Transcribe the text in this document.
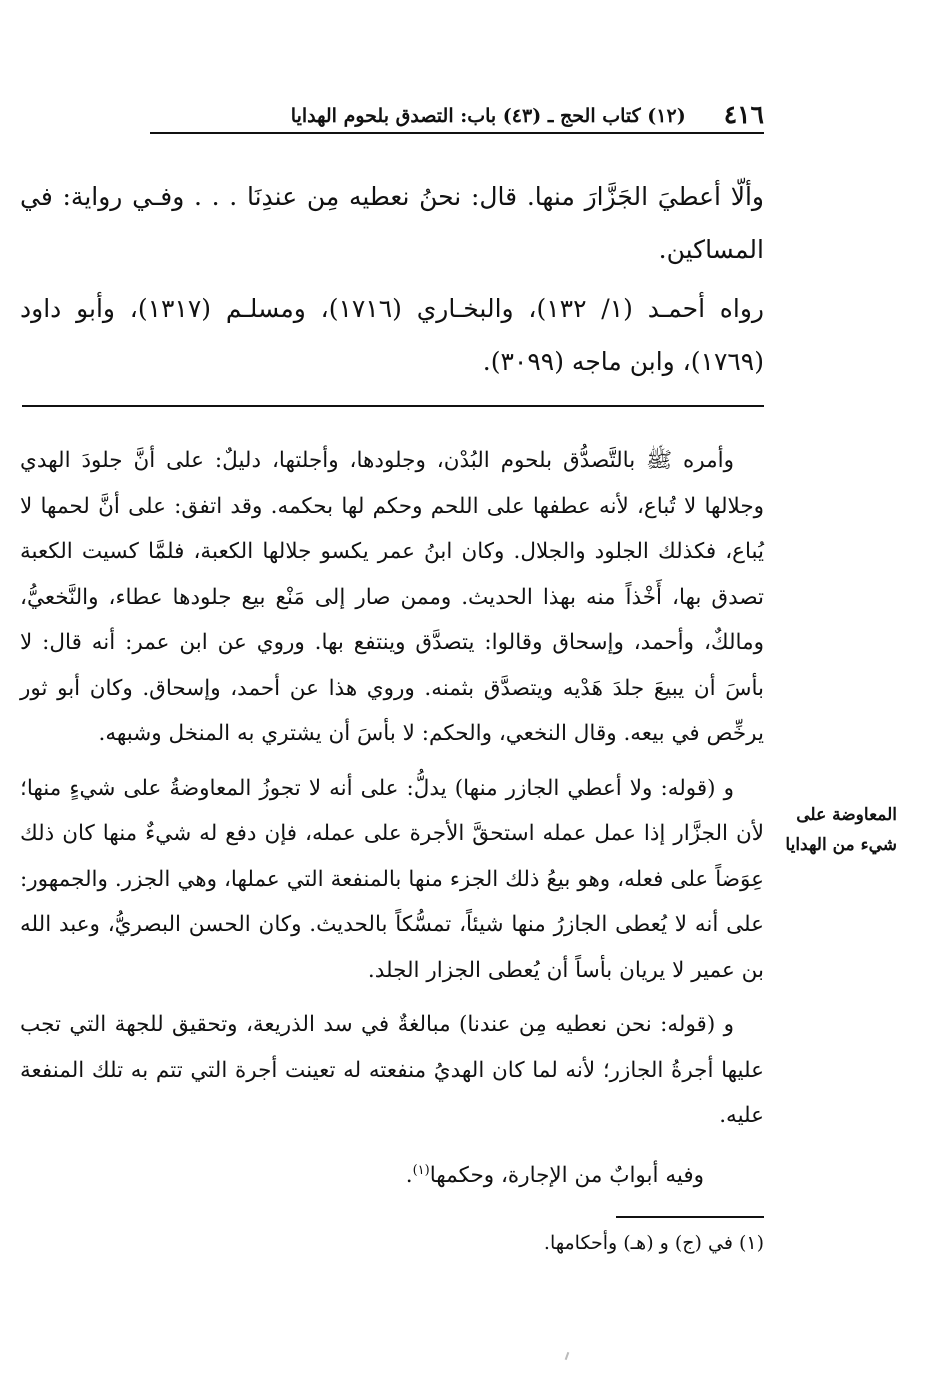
٤١٦
(١٢) كتاب الحج ـ (٤٣) باب: التصدق بلحوم الهدايا

وألّا أعطيَ الجَزَّارَ منها. قال: نحنُ نعطيه مِن عندِنَا . . . وفـي رواية: في المساكين.

رواه أحمـد (١/ ١٣٢)، والبخـاري (١٧١٦)، ومسلـم (١٣١٧)، وأبو داود (١٧٦٩)، وابن ماجه (٣٠٩٩).

وأمره ﷺ بالتَّصدُّق بلحوم البُدْن، وجلودها، وأجلتها، دليلٌ: على أنَّ جلودَ الهدي وجلالها لا تُباع، لأنه عطفها على اللحم وحكم لها بحكمه. وقد اتفق: على أنَّ لحمها لا يُباع، فكذلك الجلود والجلال. وكان ابنُ عمر يكسو جلالها الكعبة، فلمَّا كسيت الكعبة تصدق بها، أَخْذاً منه بهذا الحديث. وممن صار إلى مَنْع بيع جلودها عطاء، والنَّخعيُّ، ومالكٌ، وأحمد، وإسحاق وقالوا: يتصدَّق وينتفع بها. وروي عن ابن عمر: أنه قال: لا بأسَ أن يبيعَ جلدَ هَدْيه ويتصدَّق بثمنه. وروي هذا عن أحمد، وإسحاق. وكان أبو ثور يرخِّص في بيعه. وقال النخعي، والحكم: لا بأسَ أن يشتري به المنخل وشبهه.

و (قوله: ولا أعطي الجازر منها) يدلُّ: على أنه لا تجوزُ المعاوضةُ على شيءٍ منها؛ لأن الجزَّار إذا عمل عمله استحقَّ الأجرة على عمله، فإن دفع له شيءٌ منها كان ذلك عِوَضاً على فعله، وهو بيعُ ذلك الجزء منها بالمنفعة التي عملها، وهي الجزر. والجمهور: على أنه لا يُعطى الجازرُ منها شيئاً، تمسُّكاً بالحديث. وكان الحسن البصريُّ، وعبد الله بن عمير لا يريان بأساً أن يُعطى الجزار الجلد.

و (قوله: نحن نعطيه مِن عندنا) مبالغةٌ في سد الذريعة، وتحقيق للجهة التي تجب عليها أجرةُ الجازر؛ لأنه لما كان الهديُ منفعته له تعينت أجرة التي تتم به تلك المنفعة عليه.

وفيه أبوابٌ من الإجارة، وحكمها$^{(١)}$.

المعاوضة على
شيء من الهدايا
(١) في (ج) و (هـ) وأحكامها.
